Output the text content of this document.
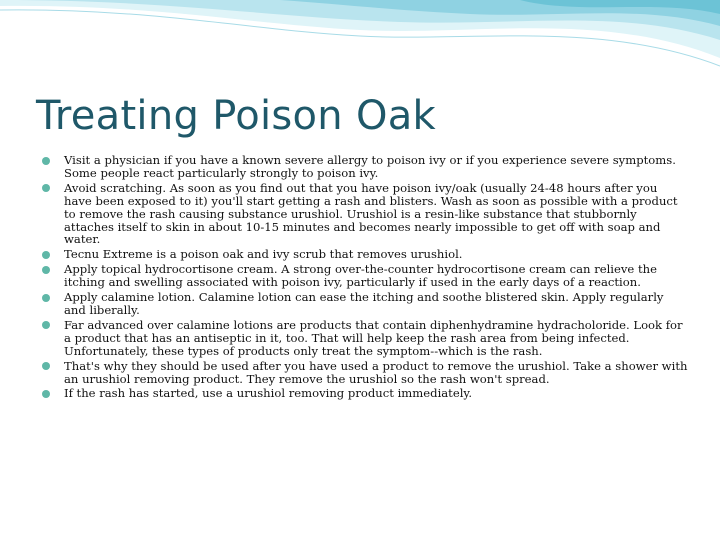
Treating Poison Oak
Visit a physician if you have a known severe allergy to poison ivy or if you experience severe symptoms. Some people react particularly strongly to poison ivy.
Avoid scratching. As soon as you find out that you have poison ivy/oak (usually 24-48 hours after you have been exposed to it) you'll start getting a rash and blisters. Wash as soon as possible with a product to remove the rash causing substance urushiol. Urushiol is a resin-like substance that stubbornly attaches itself to skin in about 10-15 minutes and becomes nearly impossible to get off with soap and water.
Tecnu Extreme is a poison oak and ivy scrub that removes urushiol.
Apply topical hydrocortisone cream. A strong over-the-counter hydrocortisone cream can relieve the itching and swelling associated with poison ivy, particularly if used in the early days of a reaction.
Apply calamine lotion. Calamine lotion can ease the itching and soothe blistered skin. Apply regularly and liberally.
Far advanced over calamine lotions are products that contain diphenhydramine hydracholoride. Look for a product that has an antiseptic in it, too. That will help keep the rash area from being infected. Unfortunately, these types of products only treat the symptom--which is the rash.
That's why they should be used after you have used a product to remove the urushiol. Take a shower with an urushiol removing product. They remove the urushiol so the rash won't spread.
If the rash has started, use a urushiol removing product immediately.
